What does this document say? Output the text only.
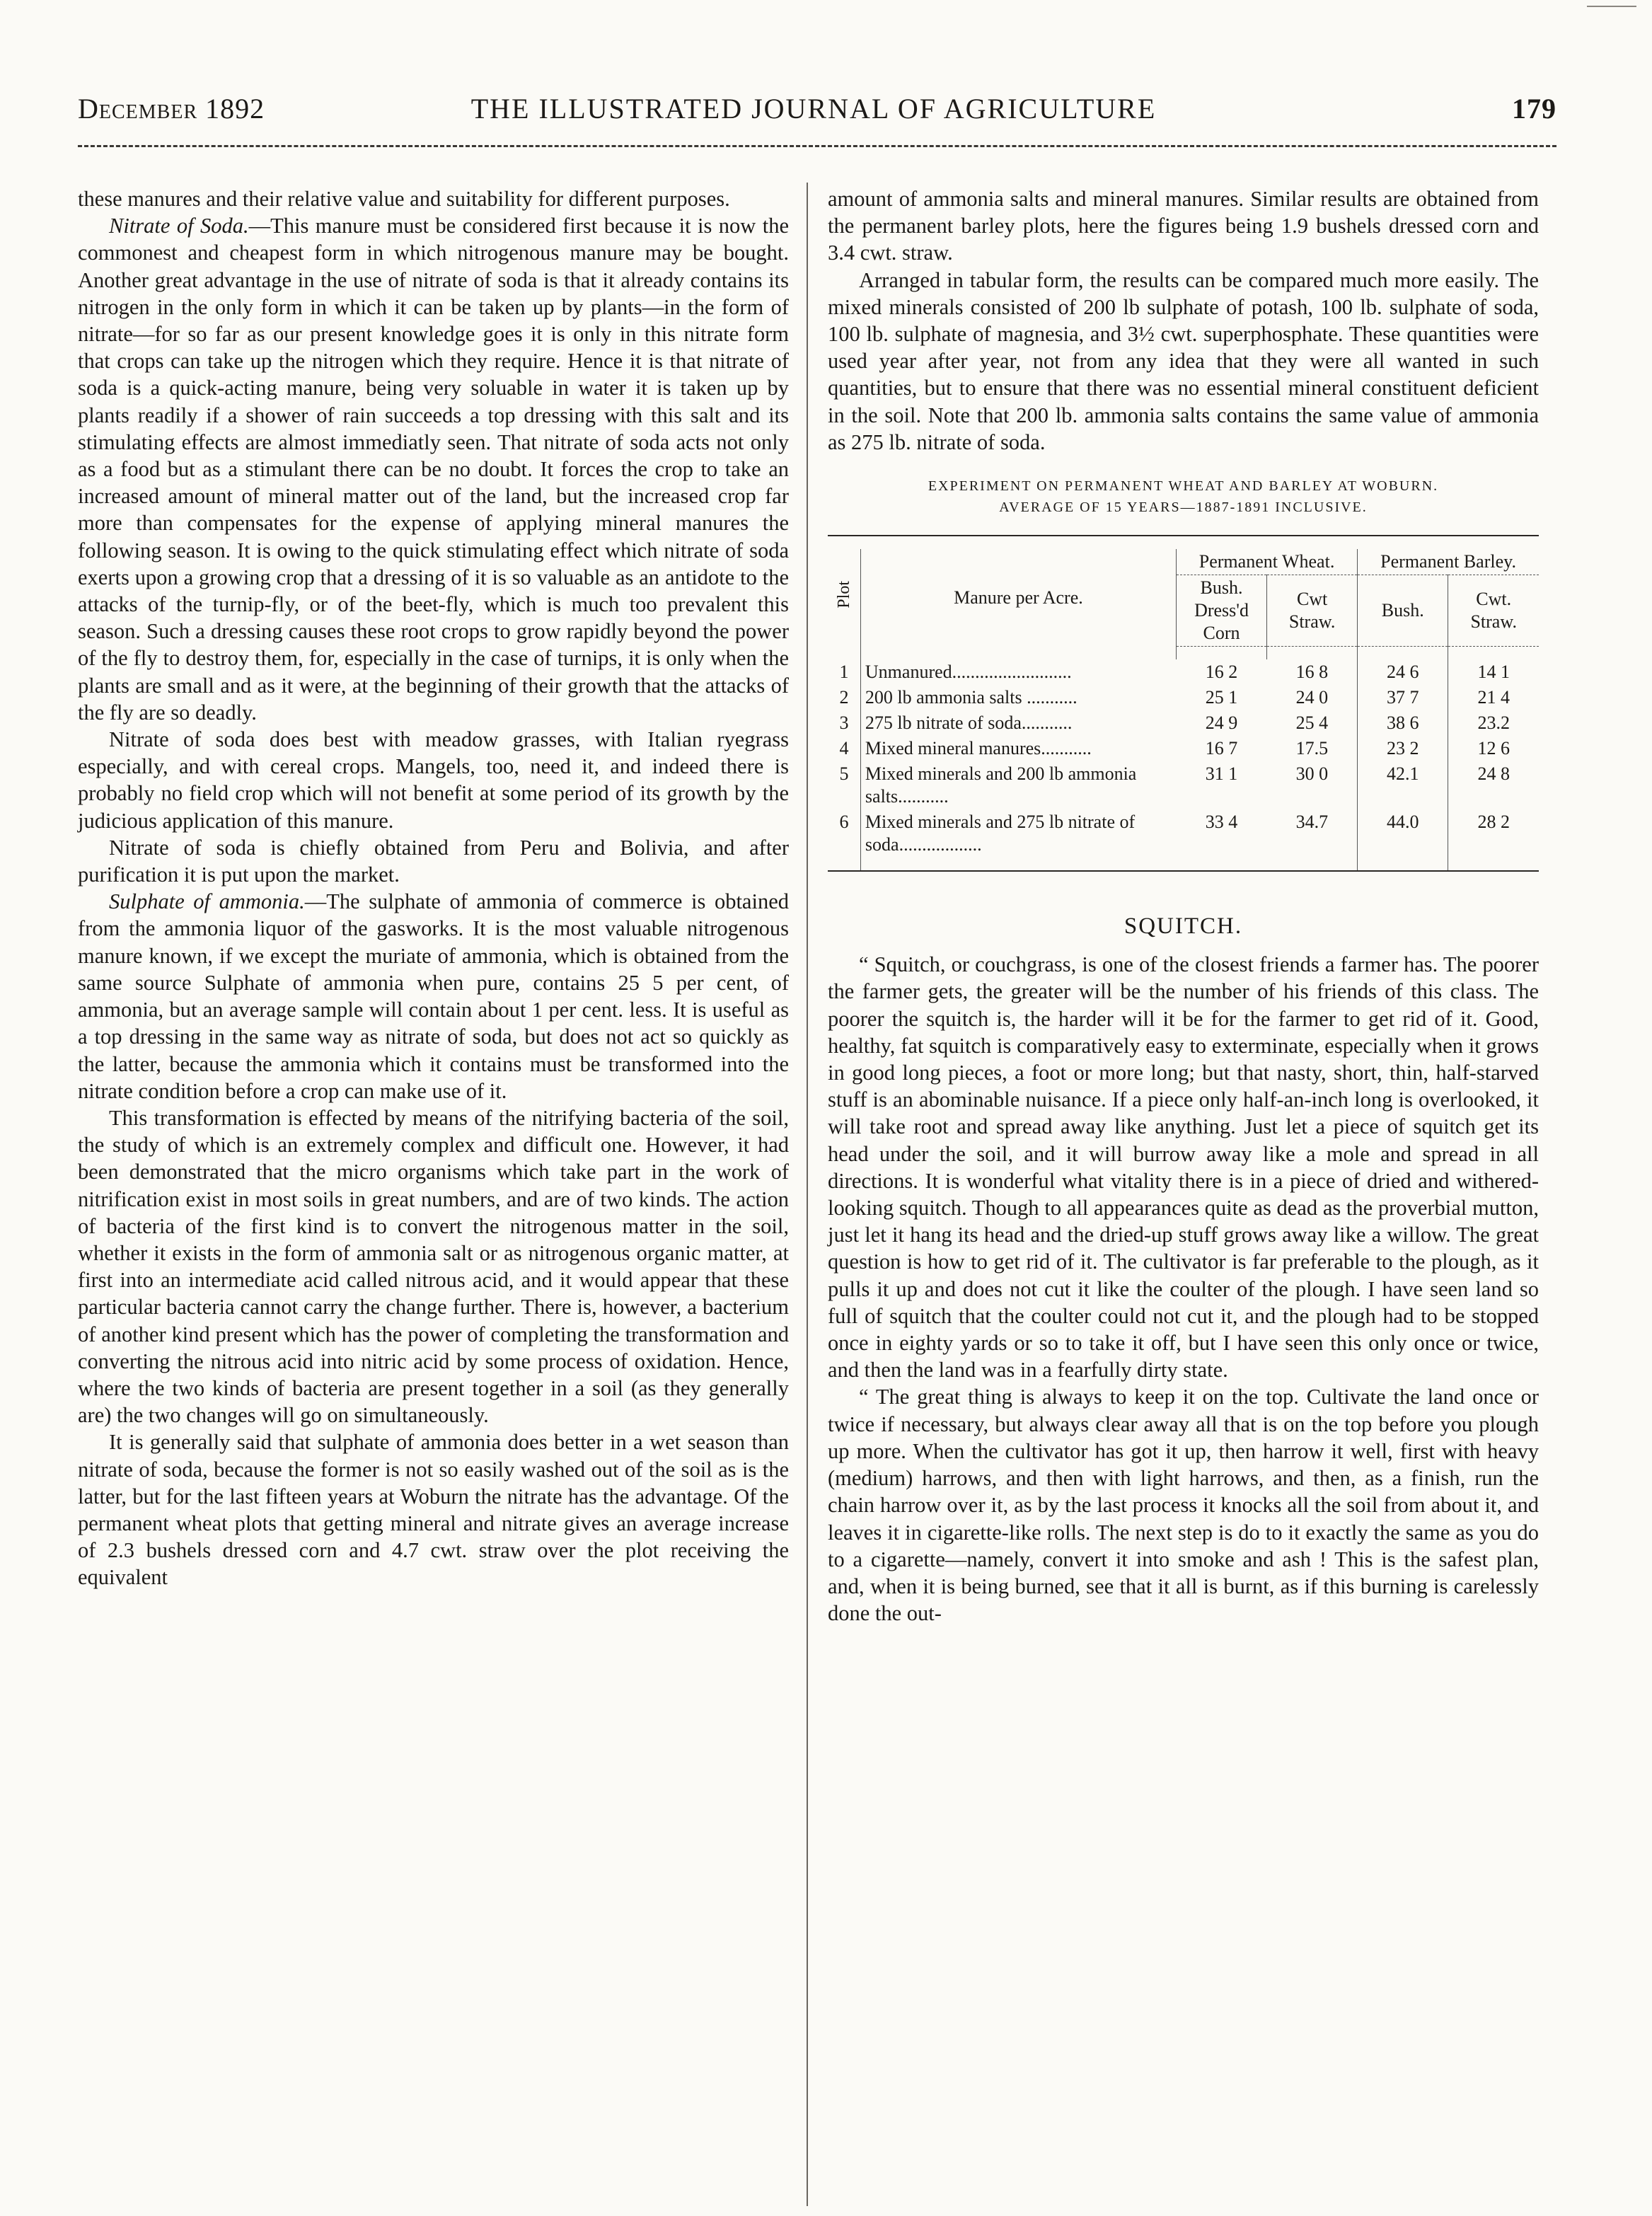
December 1892	THE ILLUSTRATED JOURNAL OF AGRICULTURE	179

these manures and their relative value and suitability for different purposes.

Nitrate of Soda.—This manure must be considered first because it is now the commonest and cheapest form in which nitrogenous manure may be bought. Another great advantage in the use of nitrate of soda is that it already contains its nitrogen in the only form in which it can be taken up by plants—in the form of nitrate—for so far as our present knowledge goes it is only in this nitrate form that crops can take up the nitrogen which they require. Hence it is that nitrate of soda is a quick-acting manure, being very soluable in water it is taken up by plants readily if a shower of rain succeeds a top dressing with this salt and its stimulating effects are almost immediatly seen. That nitrate of soda acts not only as a food but as a stimulant there can be no doubt. It forces the crop to take an increased amount of mineral matter out of the land, but the increased crop far more than compensates for the expense of applying mineral manures the following season. It is owing to the quick stimulating effect which nitrate of soda exerts upon a growing crop that a dressing of it is so valuable as an antidote to the attacks of the turnip-fly, or of the beet-fly, which is much too prevalent this season. Such a dressing causes these root crops to grow rapidly beyond the power of the fly to destroy them, for, especially in the case of turnips, it is only when the plants are small and as it were, at the beginning of their growth that the attacks of the fly are so deadly.

Nitrate of soda does best with meadow grasses, with Italian ryegrass especially, and with cereal crops. Mangels, too, need it, and indeed there is probably no field crop which will not benefit at some period of its growth by the judicious application of this manure.

Nitrate of soda is chiefly obtained from Peru and Bolivia, and after purification it is put upon the market.

Sulphate of ammonia.—The sulphate of ammonia of commerce is obtained from the ammonia liquor of the gasworks. It is the most valuable nitrogenous manure known, if we except the muriate of ammonia, which is obtained from the same source Sulphate of ammonia when pure, contains 25 5 per cent, of ammonia, but an average sample will contain about 1 per cent. less. It is useful as a top dressing in the same way as nitrate of soda, but does not act so quickly as the latter, because the ammonia which it contains must be transformed into the nitrate condition before a crop can make use of it.

This transformation is effected by means of the nitrifying bacteria of the soil, the study of which is an extremely complex and difficult one. However, it had been demonstrated that the micro organisms which take part in the work of nitrification exist in most soils in great numbers, and are of two kinds. The action of bacteria of the first kind is to convert the nitrogenous matter in the soil, whether it exists in the form of ammonia salt or as nitrogenous organic matter, at first into an intermediate acid called nitrous acid, and it would appear that these particular bacteria cannot carry the change further. There is, however, a bacterium of another kind present which has the power of completing the transformation and converting the nitrous acid into nitric acid by some process of oxidation. Hence, where the two kinds of bacteria are present together in a soil (as they generally are) the two changes will go on simultaneously.

It is generally said that sulphate of ammonia does better in a wet season than nitrate of soda, because the former is not so easily washed out of the soil as is the latter, but for the last fifteen years at Woburn the nitrate has the advantage. Of the permanent wheat plots that getting mineral and nitrate gives an average increase of 2.3 bushels dressed corn and 4.7 cwt. straw over the plot receiving the equivalent

amount of ammonia salts and mineral manures. Similar results are obtained from the permanent barley plots, here the figures being 1.9 bushels dressed corn and 3.4 cwt. straw.

Arranged in tabular form, the results can be compared much more easily. The mixed minerals consisted of 200 lb sulphate of potash, 100 lb. sulphate of soda, 100 lb. sulphate of magnesia, and 3½ cwt. superphosphate. These quantities were used year after year, not from any idea that they were all wanted in such quantities, but to ensure that there was no essential mineral constituent deficient in the soil. Note that 200 lb. ammonia salts contains the same value of ammonia as 275 lb. nitrate of soda.

EXPERIMENT ON PERMANENT WHEAT AND BARLEY AT WOBURN.
AVERAGE OF 15 YEARS—1887-1891 INCLUSIVE.

Plot	Manure per Acre.	Permanent Wheat.		Permanent Barley.	
		Bush. Dress'd Corn	Cwt Straw.	Bush.	Cwt. Straw.

1	Unmanured..........................	16 2	16 8	24 6	14 1
2	200 lb ammonia salts ...........	25 1	24 0	37 7	21 4
3	275 lb nitrate of soda...........	24 9	25 4	38 6	23.2
4	Mixed mineral manures...........	16 7	17.5	23 2	12 6
5	Mixed minerals and 200 lb ammonia salts...........	31 1	30 0	42.1	24 8
6	Mixed minerals and 275 lb nitrate of soda..................	33 4	34.7	44.0	28 2

SQUITCH.

“ Squitch, or couchgrass, is one of the closest friends a farmer has. The poorer the farmer gets, the greater will be the number of his friends of this class. The poorer the squitch is, the harder will it be for the farmer to get rid of it. Good, healthy, fat squitch is comparatively easy to exterminate, especially when it grows in good long pieces, a foot or more long; but that nasty, short, thin, half-starved stuff is an abominable nuisance. If a piece only half-an-inch long is overlooked, it will take root and spread away like anything. Just let a piece of squitch get its head under the soil, and it will burrow away like a mole and spread in all directions. It is wonderful what vitality there is in a piece of dried and withered-looking squitch. Though to all appearances quite as dead as the proverbial mutton, just let it hang its head and the dried-up stuff grows away like a willow. The great question is how to get rid of it. The cultivator is far preferable to the plough, as it pulls it up and does not cut it like the coulter of the plough. I have seen land so full of squitch that the coulter could not cut it, and the plough had to be stopped once in eighty yards or so to take it off, but I have seen this only once or twice, and then the land was in a fearfully dirty state.

“ The great thing is always to keep it on the top. Cultivate the land once or twice if necessary, but always clear away all that is on the top before you plough up more. When the cultivator has got it up, then harrow it well, first with heavy (medium) harrows, and then with light harrows, and then, as a finish, run the chain harrow over it, as by the last process it knocks all the soil from about it, and leaves it in cigarette-like rolls. The next step is do to it exactly the same as you do to a cigarette—namely, convert it into smoke and ash ! This is the safest plan, and, when it is being burned, see that it all is burnt, as if this burning is carelessly done the out-
